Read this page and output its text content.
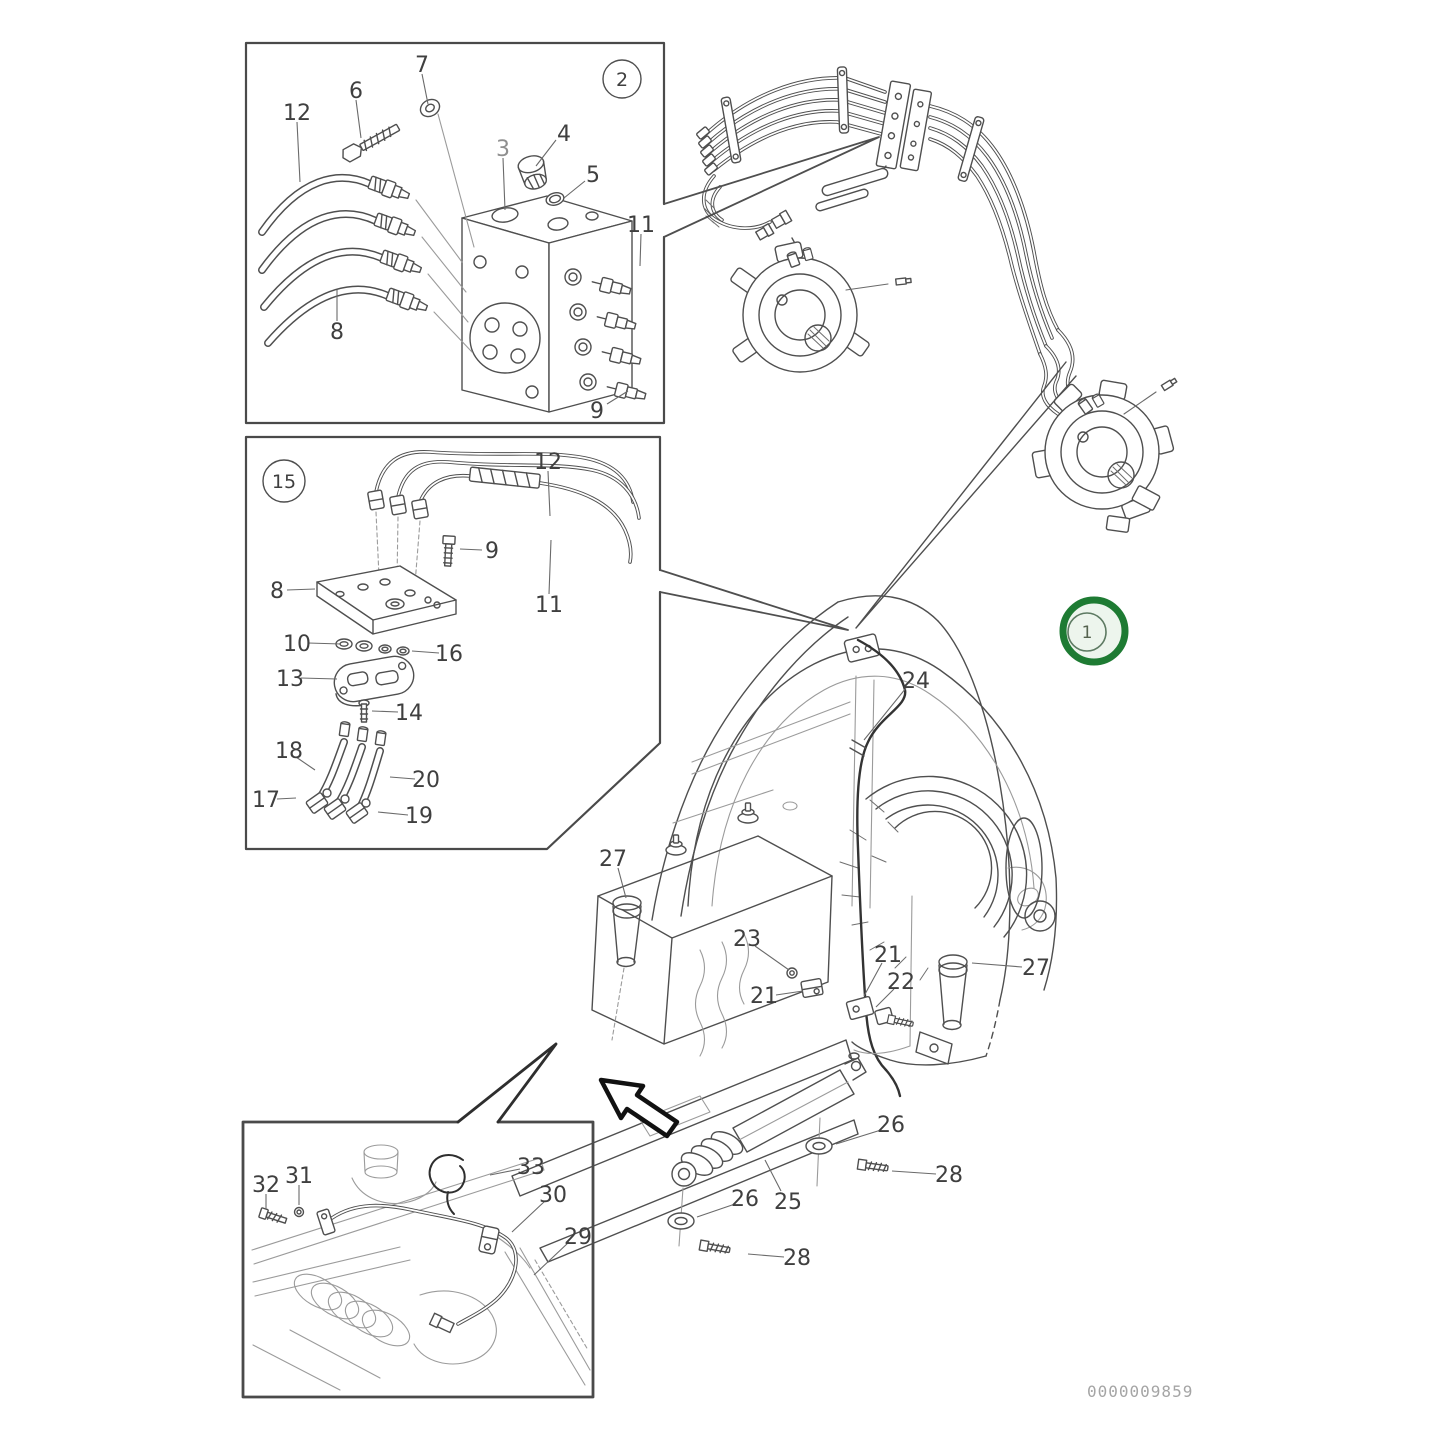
2
15
12
6
7
4
3
5
11
8
9
12
9
8
11
10	16
13
14
18
20
17
19
32 31	33
30
29
24
27
23
21
21
22
27
26
28
26 25
28
1
0000009859
